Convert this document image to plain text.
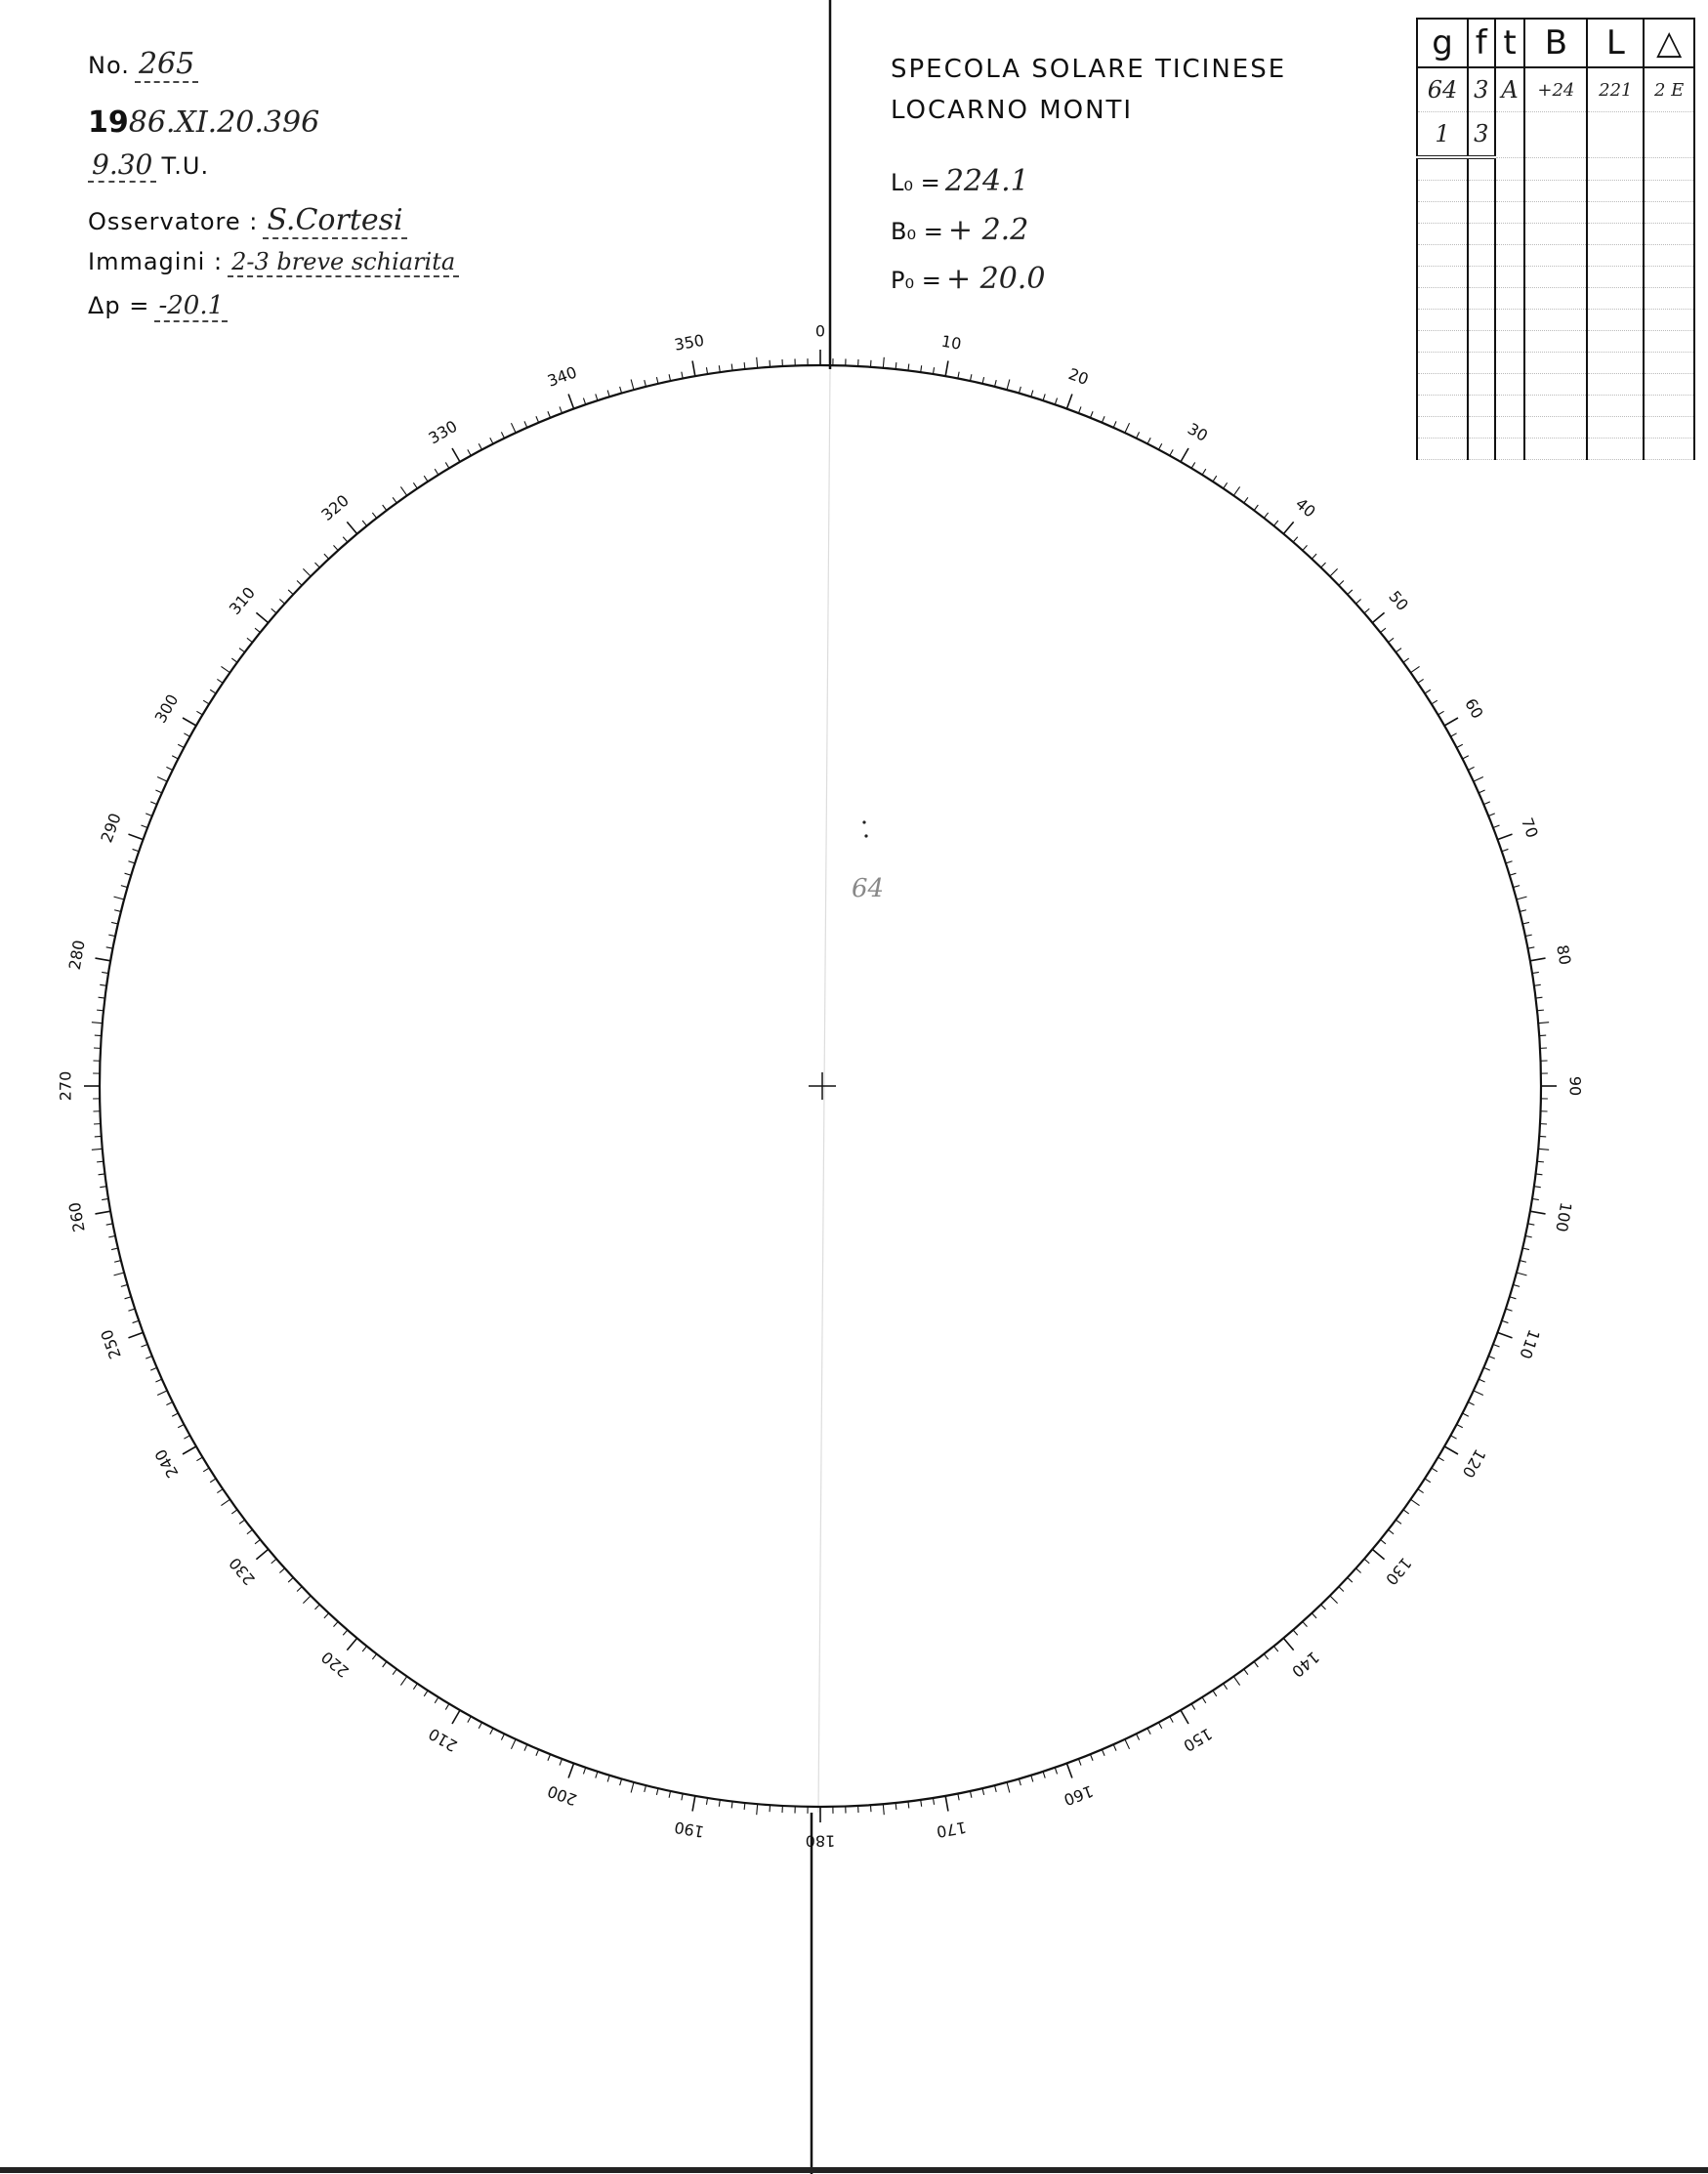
No. 265
1986.XI.20.396
9.30 T.U.
Osservatore : S.Cortesi
Immagini : 2-3 breve schiarita
Δp = -20.1
SPECOLA SOLARE TICINESE
LOCARNO MONTI
L₀ = 224.1
B₀ = + 2.2
P₀ = + 20.0
g	f	t	B	L	△
64	3	A	+24	221	2 E
1	3				

0
10
20
30
40
50
60
70
80
90
100
110
120
130
140
150
160
170
180
190
200
210
220
230
240
250
260
270
280
290
300
310
320
330
340
350
64
